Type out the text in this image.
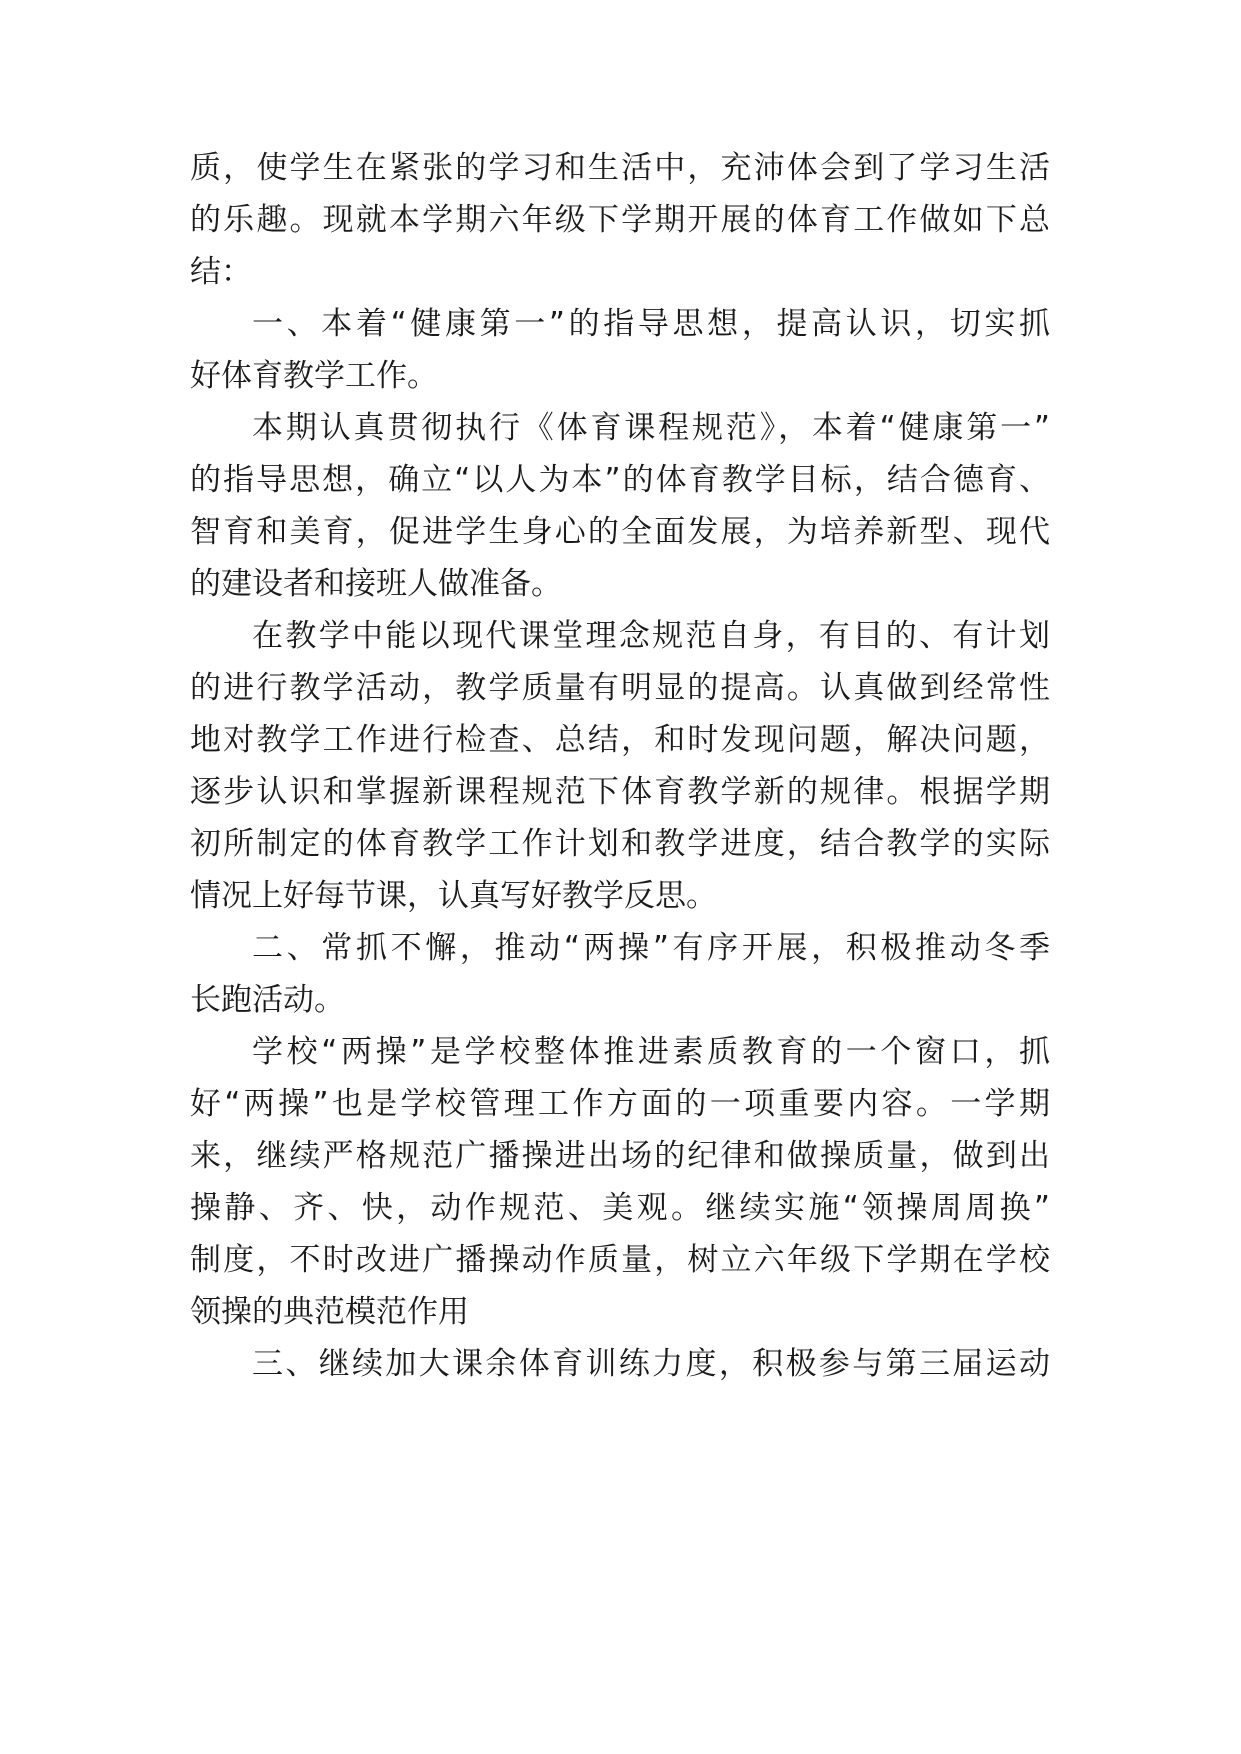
质，使学生在紧张的学习和生活中，充沛体会到了学习生活
的乐趣。现就本学期六年级下学期开展的体育工作做如下总
结：
一、本着“健康第一”的指导思想，提高认识，切实抓
好体育教学工作。
本期认真贯彻执行《体育课程规范》，本着“健康第一”
的指导思想，确立“以人为本”的体育教学目标，结合德育、
智育和美育，促进学生身心的全面发展，为培养新型、现代
的建设者和接班人做准备。
在教学中能以现代课堂理念规范自身，有目的、有计划
的进行教学活动，教学质量有明显的提高。认真做到经常性
地对教学工作进行检查、总结，和时发现问题，解决问题，
逐步认识和掌握新课程规范下体育教学新的规律。根据学期
初所制定的体育教学工作计划和教学进度，结合教学的实际
情况上好每节课，认真写好教学反思。
二、常抓不懈，推动“两操”有序开展，积极推动冬季
长跑活动。
学校“两操”是学校整体推进素质教育的一个窗口，抓
好“两操”也是学校管理工作方面的一项重要内容。一学期
来，继续严格规范广播操进出场的纪律和做操质量，做到出
操静、齐、快，动作规范、美观。继续实施“领操周周换”
制度，不时改进广播操动作质量，树立六年级下学期在学校
领操的典范模范作用
三、继续加大课余体育训练力度，积极参与第三届运动
